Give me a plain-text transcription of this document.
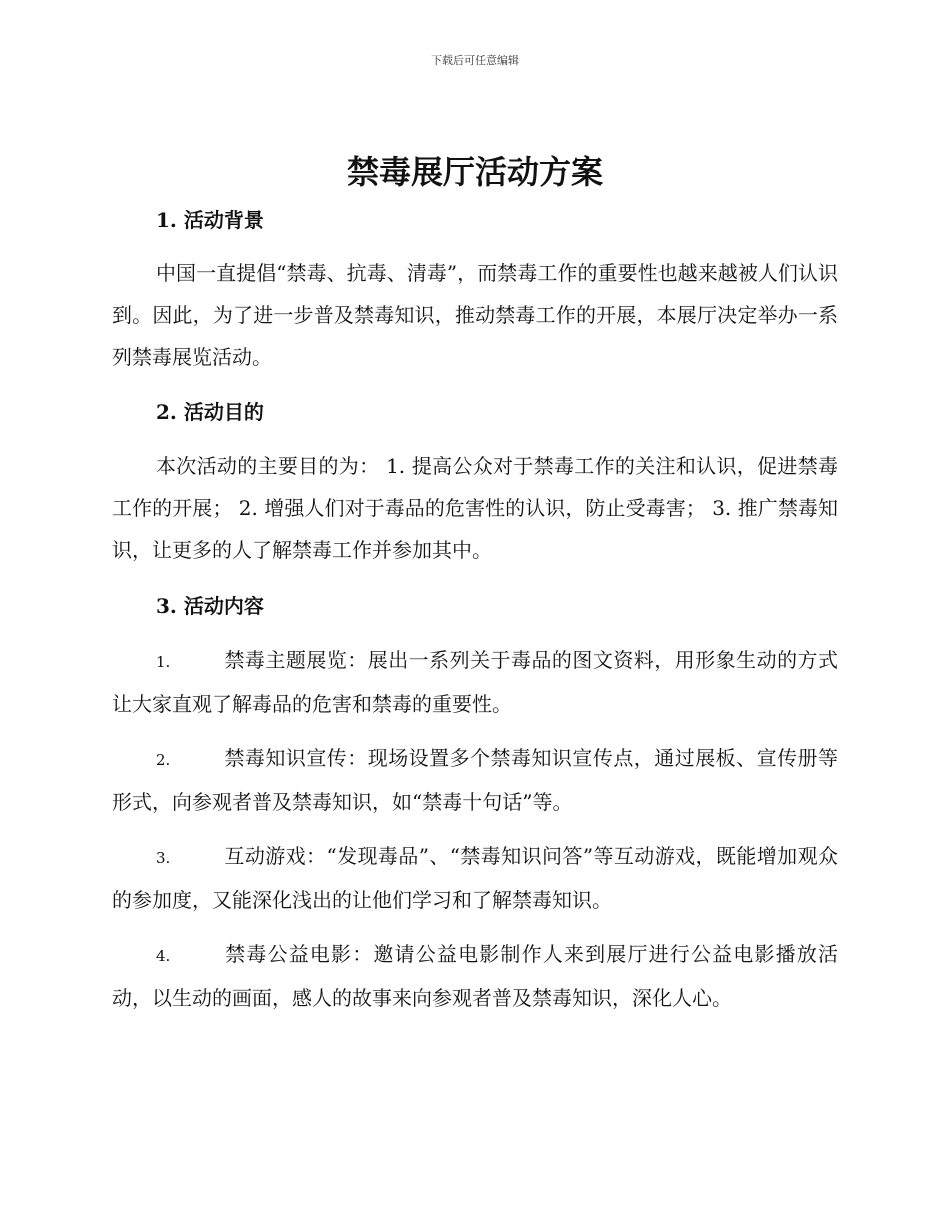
下载后可任意编辑
禁毒展厅活动方案
1. 活动背景

中国一直提倡“禁毒、抗毒、清毒”，而禁毒工作的重要性也越来越被人们认识到。因此，为了进一步普及禁毒知识，推动禁毒工作的开展，本展厅决定举办一系列禁毒展览活动。

2. 活动目的

本次活动的主要目的为： 1. 提高公众对于禁毒工作的关注和认识，促进禁毒工作的开展； 2. 增强人们对于毒品的危害性的认识，防止受毒害； 3. 推广禁毒知识，让更多的人了解禁毒工作并参加其中。

3. 活动内容

1.	禁毒主题展览：展出一系列关于毒品的图文资料，用形象生动的方式让大家直观了解毒品的危害和禁毒的重要性。

2.	禁毒知识宣传：现场设置多个禁毒知识宣传点，通过展板、宣传册等形式，向参观者普及禁毒知识，如“禁毒十句话”等。

3.	互动游戏：“发现毒品”、“禁毒知识问答”等互动游戏，既能增加观众的参加度，又能深化浅出的让他们学习和了解禁毒知识。

4.	禁毒公益电影：邀请公益电影制作人来到展厅进行公益电影播放活动，以生动的画面，感人的故事来向参观者普及禁毒知识，深化人心。
